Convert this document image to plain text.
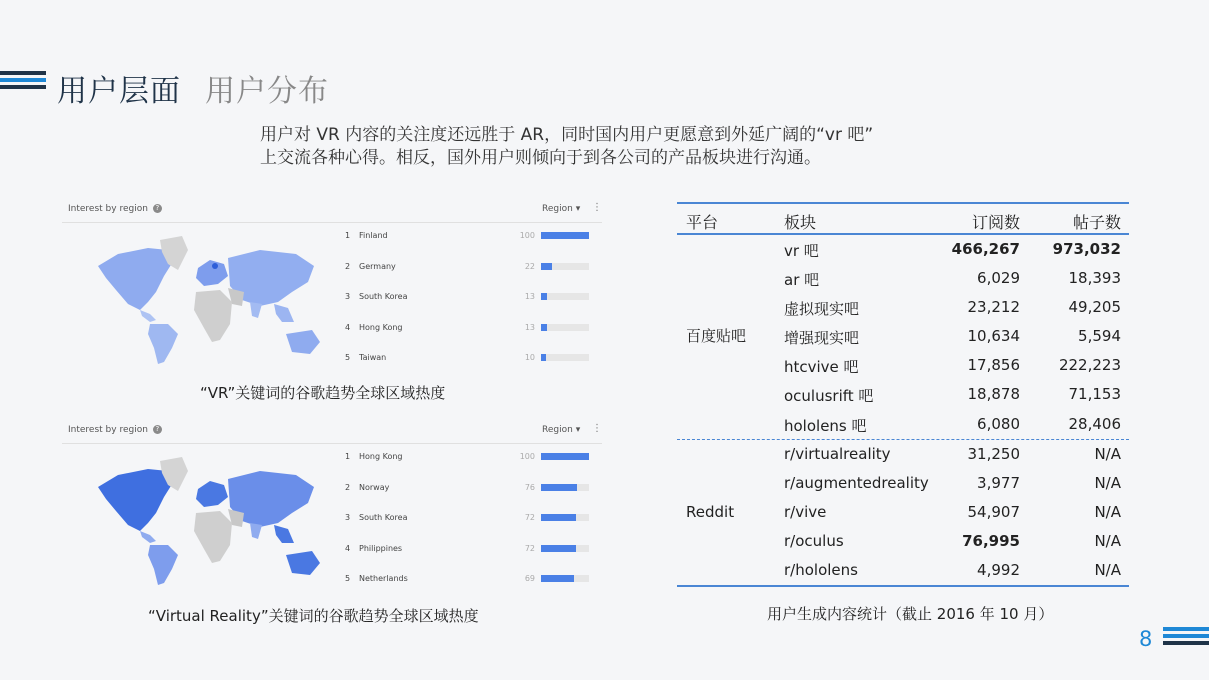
用户层面 用户分布
用户对 VR 内容的关注度还远胜于 AR，同时国内用户更愿意到外延广阔的“vr 吧”
上交流各种心得。相反，国外用户则倾向于到各公司的产品板块进行沟通。
Interest by region ?	Region ▾ ⋮
1	Finland	100
2	Germany	22
3	South Korea	13
4	Hong Kong	13
5	Taiwan	10
“VR”关键词的谷歌趋势全球区域热度
Interest by region ?	Region ▾ ⋮
1	Hong Kong	100
2	Norway	76
3	South Korea	72
4	Philippines	72
5	Netherlands	69
“Virtual Reality”关键词的谷歌趋势全球区域热度
平台	板块	订阅数	帖子数
百度贴吧
vr 吧	466,267	973,032
ar 吧	6,029	18,393
虚拟现实吧	23,212	49,205
增强现实吧	10,634	5,594
htcvive 吧	17,856	222,223
oculusrift 吧	18,878	71,153
hololens 吧	6,080	28,406
Reddit
r/virtualreality	31,250	N/A
r/augmentedreality	3,977	N/A
r/vive	54,907	N/A
r/oculus	76,995	N/A
r/hololens	4,992	N/A
用户生成内容统计（截止 2016 年 10 月）
8
